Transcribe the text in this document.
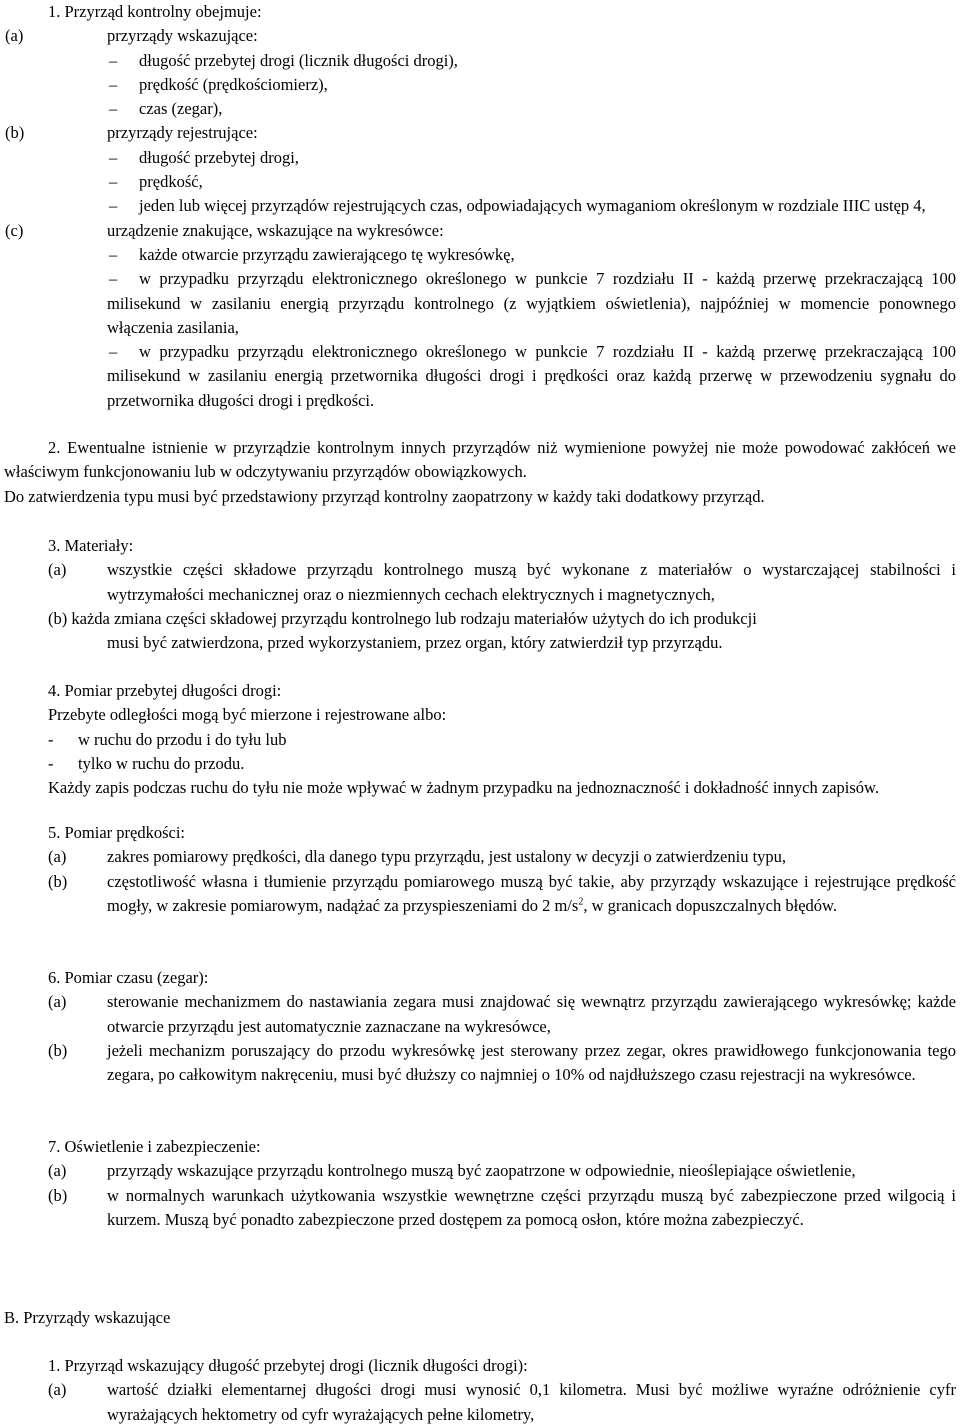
1. Przyrząd kontrolny obejmuje:
(a)	przyrządy wskazujące:
– długość przebytej drogi (licznik długości drogi),
– prędkość (prędkościomierz),
– czas (zegar),
(b)	przyrządy rejestrujące:
– długość przebytej drogi,
– prędkość,
– jeden lub więcej przyrządów rejestrujących czas, odpowiadających wymaganiom określonym w rozdziale IIIC ustęp 4,
(c)	urządzenie znakujące, wskazujące na wykresówce:
– każde otwarcie przyrządu zawierającego tę wykresówkę,
–	w przypadku przyrządu elektronicznego określonego w punkcie 7 rozdziału II - każdą przerwę przekraczającą 100 milisekund w zasilaniu energią przyrządu kontrolnego (z wyjątkiem oświetlenia), najpóźniej w momencie ponownego włączenia zasilania,
–	w przypadku przyrządu elektronicznego określonego w punkcie 7 rozdziału II - każdą przerwę przekraczającą 100 milisekund w zasilaniu energią przetwornika długości drogi i prędkości oraz każdą przerwę w przewodzeniu sygnału do przetwornika długości drogi i prędkości.
2. Ewentualne istnienie w przyrządzie kontrolnym innych przyrządów niż wymienione powyżej nie może powodować zakłóceń we właściwym funkcjonowaniu lub w odczytywaniu przyrządów obowiązkowych.
Do zatwierdzenia typu musi być przedstawiony przyrząd kontrolny zaopatrzony w każdy taki dodatkowy przyrząd.
3. Materiały:
(a) wszystkie części składowe przyrządu kontrolnego muszą być wykonane z materiałów o wystarczającej stabilności i wytrzymałości mechanicznej oraz o niezmiennych cechach elektrycznych i magnetycznych,
(b) każda zmiana części składowej przyrządu kontrolnego lub rodzaju materiałów użytych do ich produkcji
musi być zatwierdzona, przed wykorzystaniem, przez organ, który zatwierdził typ przyrządu.
4. Pomiar przebytej długości drogi:
Przebyte odległości mogą być mierzone i rejestrowane albo:
- w ruchu do przodu i do tyłu lub
- tylko w ruchu do przodu.
Każdy zapis podczas ruchu do tyłu nie może wpływać w żadnym przypadku na jednoznaczność i dokładność innych zapisów.
5. Pomiar prędkości:
(a) zakres pomiarowy prędkości, dla danego typu przyrządu, jest ustalony w decyzji o zatwierdzeniu typu,
(b) częstotliwość własna i tłumienie przyrządu pomiarowego muszą być takie, aby przyrządy wskazujące i rejestrujące prędkość mogły, w zakresie pomiarowym, nadążać za przyspieszeniami do 2 $m/s^2$, w granicach dopuszczalnych błędów.
6. Pomiar czasu (zegar):
(a) sterowanie mechanizmem do nastawiania zegara musi znajdować się wewnątrz przyrządu zawierającego wykresówkę; każde otwarcie przyrządu jest automatycznie zaznaczane na wykresówce,
(b) jeżeli mechanizm poruszający do przodu wykresówkę jest sterowany przez zegar, okres prawidłowego funkcjonowania tego zegara, po całkowitym nakręceniu, musi być dłuższy co najmniej o 10% od najdłuższego czasu rejestracji na wykresówce.
7. Oświetlenie i zabezpieczenie:
(a) przyrządy wskazujące przyrządu kontrolnego muszą być zaopatrzone w odpowiednie, nieoślepiające oświetlenie,
(b) w normalnych warunkach użytkowania wszystkie wewnętrzne części przyrządu muszą być zabezpieczone przed wilgocią i kurzem. Muszą być ponadto zabezpieczone przed dostępem za pomocą osłon, które można zabezpieczyć.
B. Przyrządy wskazujące
1. Przyrząd wskazujący długość przebytej drogi (licznik długości drogi):
(a) wartość działki elementarnej długości drogi musi wynosić 0,1 kilometra. Musi być możliwe wyraźne odróżnienie cyfr wyrażających hektometry od cyfr wyrażających pełne kilometry,
